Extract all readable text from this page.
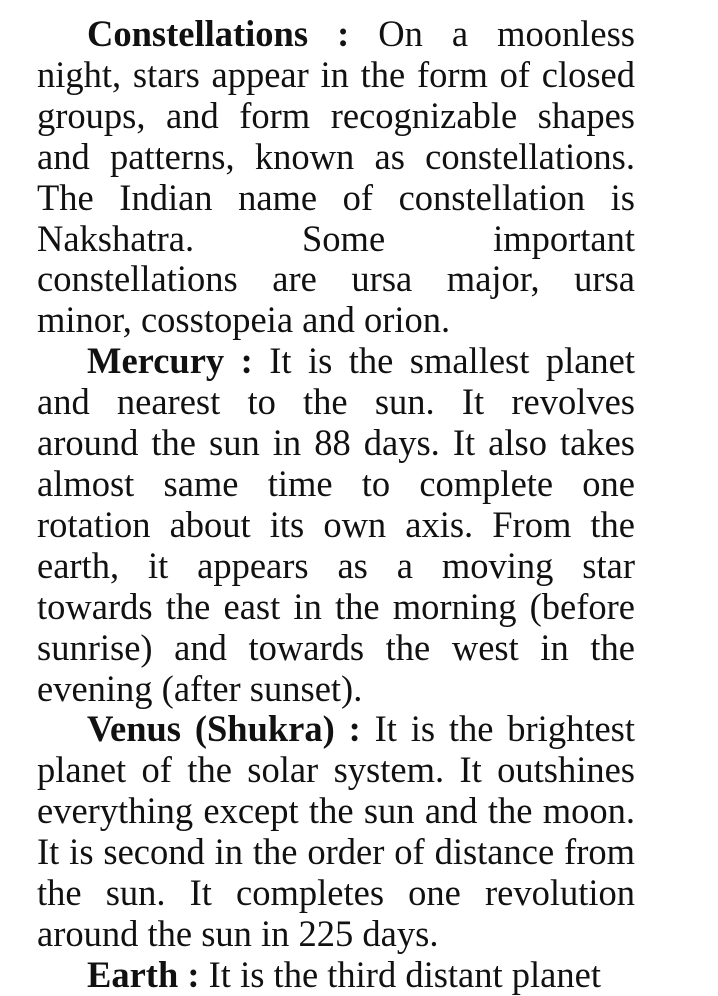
Constellations : On a moonless night, stars appear in the form of closed groups, and form recognizable shapes and patterns, known as constellations. The Indian name of constellation is Nakshatra. Some important constellations are ursa major, ursa minor, cosstopeia and orion.

Mercury : It is the smallest planet and nearest to the sun. It revolves around the sun in 88 days. It also takes almost same time to complete one rotation about its own axis. From the earth, it appears as a moving star towards the east in the morning (before sunrise) and towards the west in the evening (after sunset).

Venus (Shukra) : It is the brightest planet of the solar system. It outshines everything except the sun and the moon. It is second in the order of distance from the sun. It completes one revolution around the sun in 225 days.

Earth : It is the third distant planet
